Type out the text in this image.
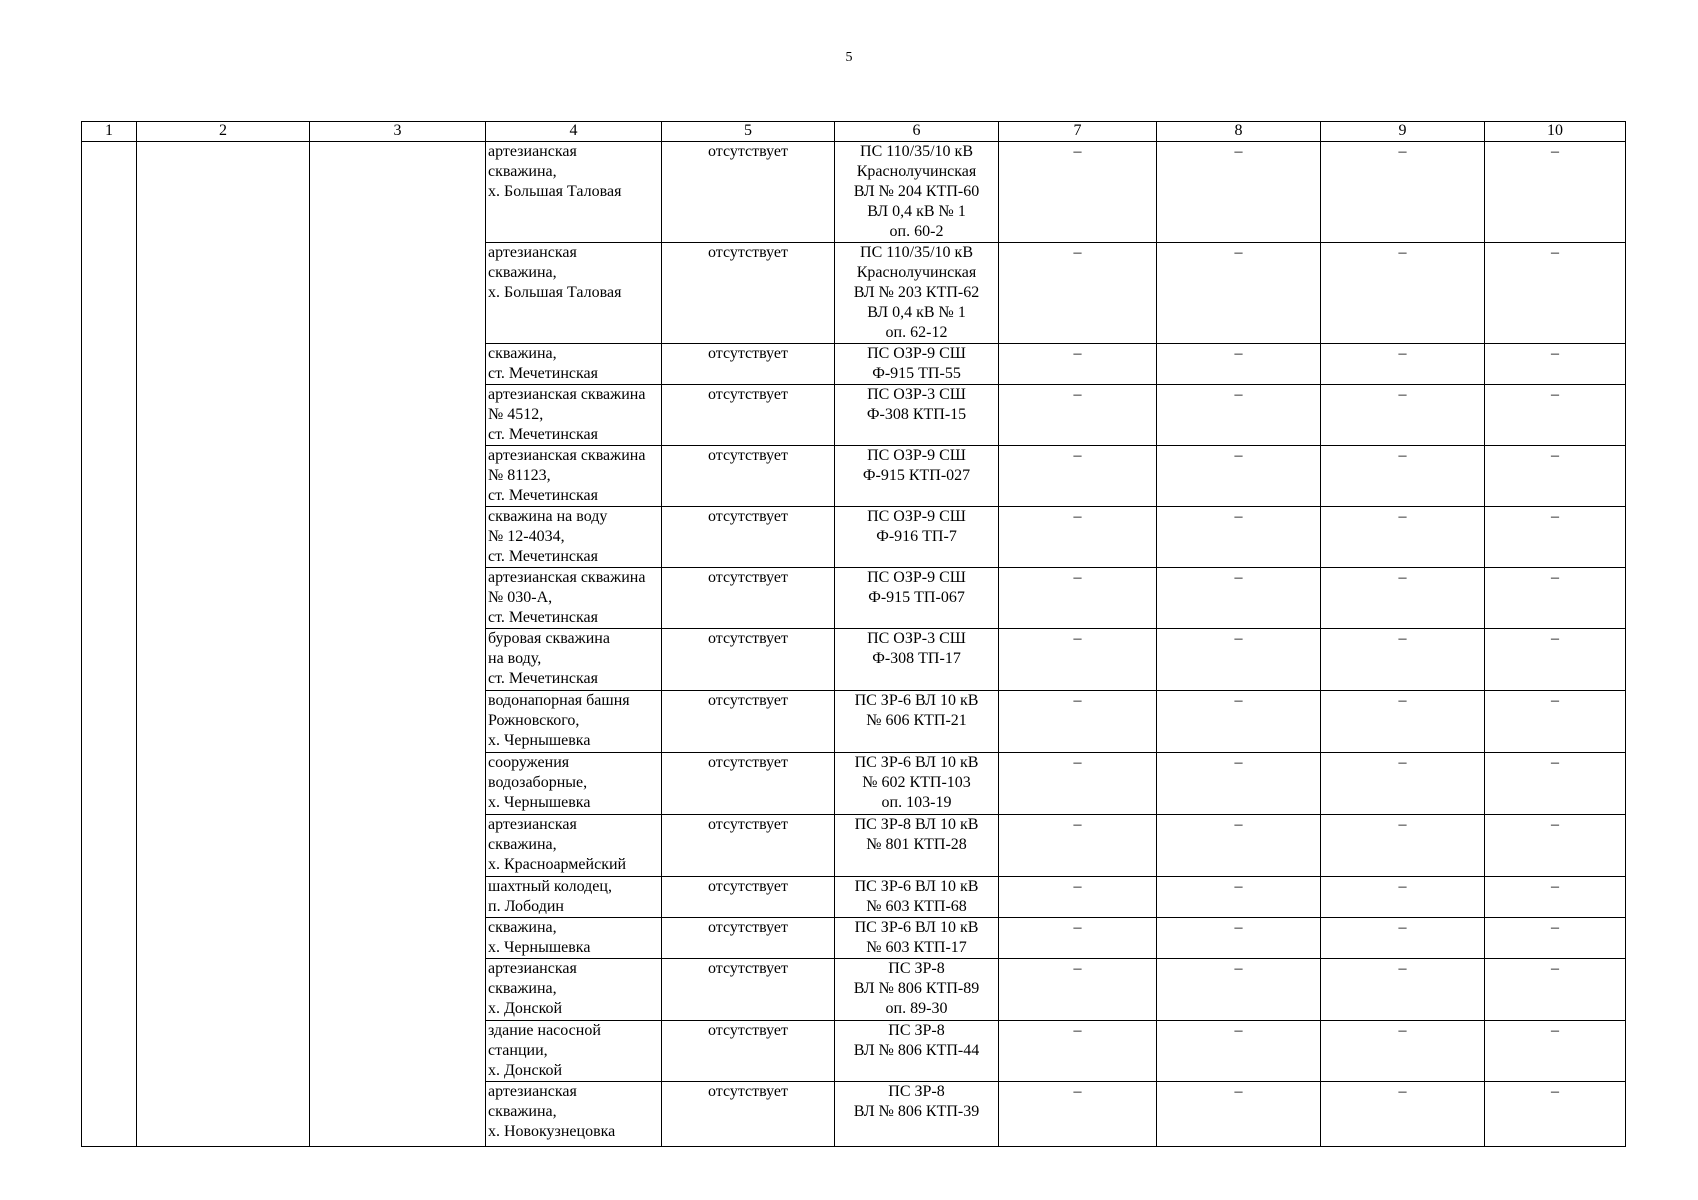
5
1	2	3	4	5	6	7	8	9	10
			артезианская
скважина,
х. Большая Таловая	отсутствует	ПС 110/35/10 кВ
Краснолучинская
ВЛ № 204 КТП-60
ВЛ 0,4 кВ № 1
оп. 60-2	–	–	–	–
			артезианская
скважина,
х. Большая Таловая	отсутствует	ПС 110/35/10 кВ
Краснолучинская
ВЛ № 203 КТП-62
ВЛ 0,4 кВ № 1
оп. 62-12	–	–	–	–
			скважина,
ст. Мечетинская	отсутствует	ПС ОЗР-9 СШ
Ф-915 ТП-55	–	–	–	–
			артезианская скважина
№ 4512,
ст. Мечетинская	отсутствует	ПС ОЗР-3 СШ
Ф-308 КТП-15	–	–	–	–
			артезианская скважина
№ 81123,
ст. Мечетинская	отсутствует	ПС ОЗР-9 СШ
Ф-915 КТП-027	–	–	–	–
			скважина на воду
№ 12-4034,
ст. Мечетинская	отсутствует	ПС ОЗР-9 СШ
Ф-916 ТП-7	–	–	–	–
			артезианская скважина
№ 030-А,
ст. Мечетинская	отсутствует	ПС ОЗР-9 СШ
Ф-915 ТП-067	–	–	–	–
			буровая скважина
на воду,
ст. Мечетинская	отсутствует	ПС ОЗР-3 СШ
Ф-308 ТП-17	–	–	–	–
			водонапорная башня
Рожновского,
х. Чернышевка	отсутствует	ПС ЗР-6 ВЛ 10 кВ
№ 606 КТП-21	–	–	–	–
			сооружения
водозаборные,
х. Чернышевка	отсутствует	ПС ЗР-6 ВЛ 10 кВ
№ 602 КТП-103
оп. 103-19	–	–	–	–
			артезианская
скважина,
х. Красноармейский	отсутствует	ПС ЗР-8 ВЛ 10 кВ
№ 801 КТП-28	–	–	–	–
			шахтный колодец,
п. Лободин	отсутствует	ПС ЗР-6 ВЛ 10 кВ
№ 603 КТП-68	–	–	–	–
			скважина,
х. Чернышевка	отсутствует	ПС ЗР-6 ВЛ 10 кВ
№ 603 КТП-17	–	–	–	–
			артезианская
скважина,
х. Донской	отсутствует	ПС ЗР-8
ВЛ № 806 КТП-89
оп. 89-30	–	–	–	–
			здание насосной
станции,
х. Донской	отсутствует	ПС ЗР-8
ВЛ № 806 КТП-44	–	–	–	–
			артезианская
скважина,
х. Новокузнецовка	отсутствует	ПС ЗР-8
ВЛ № 806 КТП-39	–	–	–	–
